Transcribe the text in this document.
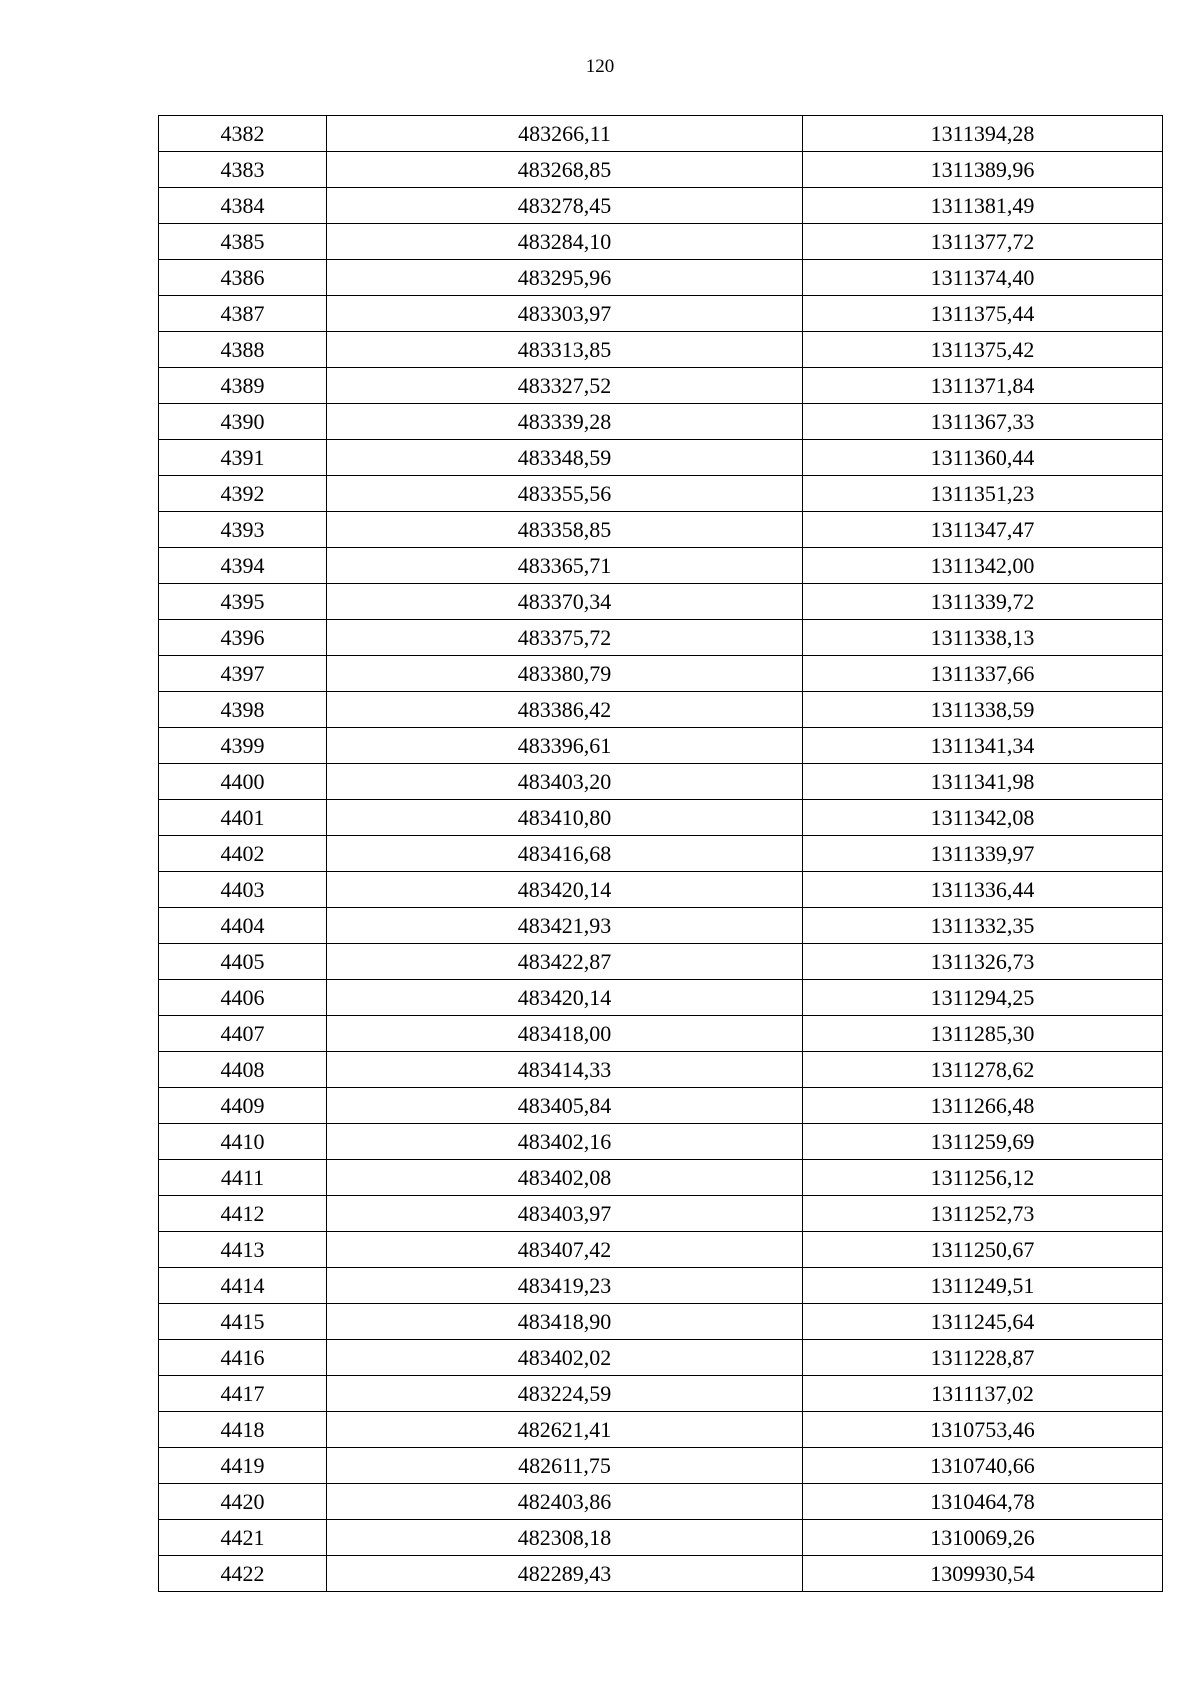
120
4382	483266,11	1311394,28
4383	483268,85	1311389,96
4384	483278,45	1311381,49
4385	483284,10	1311377,72
4386	483295,96	1311374,40
4387	483303,97	1311375,44
4388	483313,85	1311375,42
4389	483327,52	1311371,84
4390	483339,28	1311367,33
4391	483348,59	1311360,44
4392	483355,56	1311351,23
4393	483358,85	1311347,47
4394	483365,71	1311342,00
4395	483370,34	1311339,72
4396	483375,72	1311338,13
4397	483380,79	1311337,66
4398	483386,42	1311338,59
4399	483396,61	1311341,34
4400	483403,20	1311341,98
4401	483410,80	1311342,08
4402	483416,68	1311339,97
4403	483420,14	1311336,44
4404	483421,93	1311332,35
4405	483422,87	1311326,73
4406	483420,14	1311294,25
4407	483418,00	1311285,30
4408	483414,33	1311278,62
4409	483405,84	1311266,48
4410	483402,16	1311259,69
4411	483402,08	1311256,12
4412	483403,97	1311252,73
4413	483407,42	1311250,67
4414	483419,23	1311249,51
4415	483418,90	1311245,64
4416	483402,02	1311228,87
4417	483224,59	1311137,02
4418	482621,41	1310753,46
4419	482611,75	1310740,66
4420	482403,86	1310464,78
4421	482308,18	1310069,26
4422	482289,43	1309930,54
